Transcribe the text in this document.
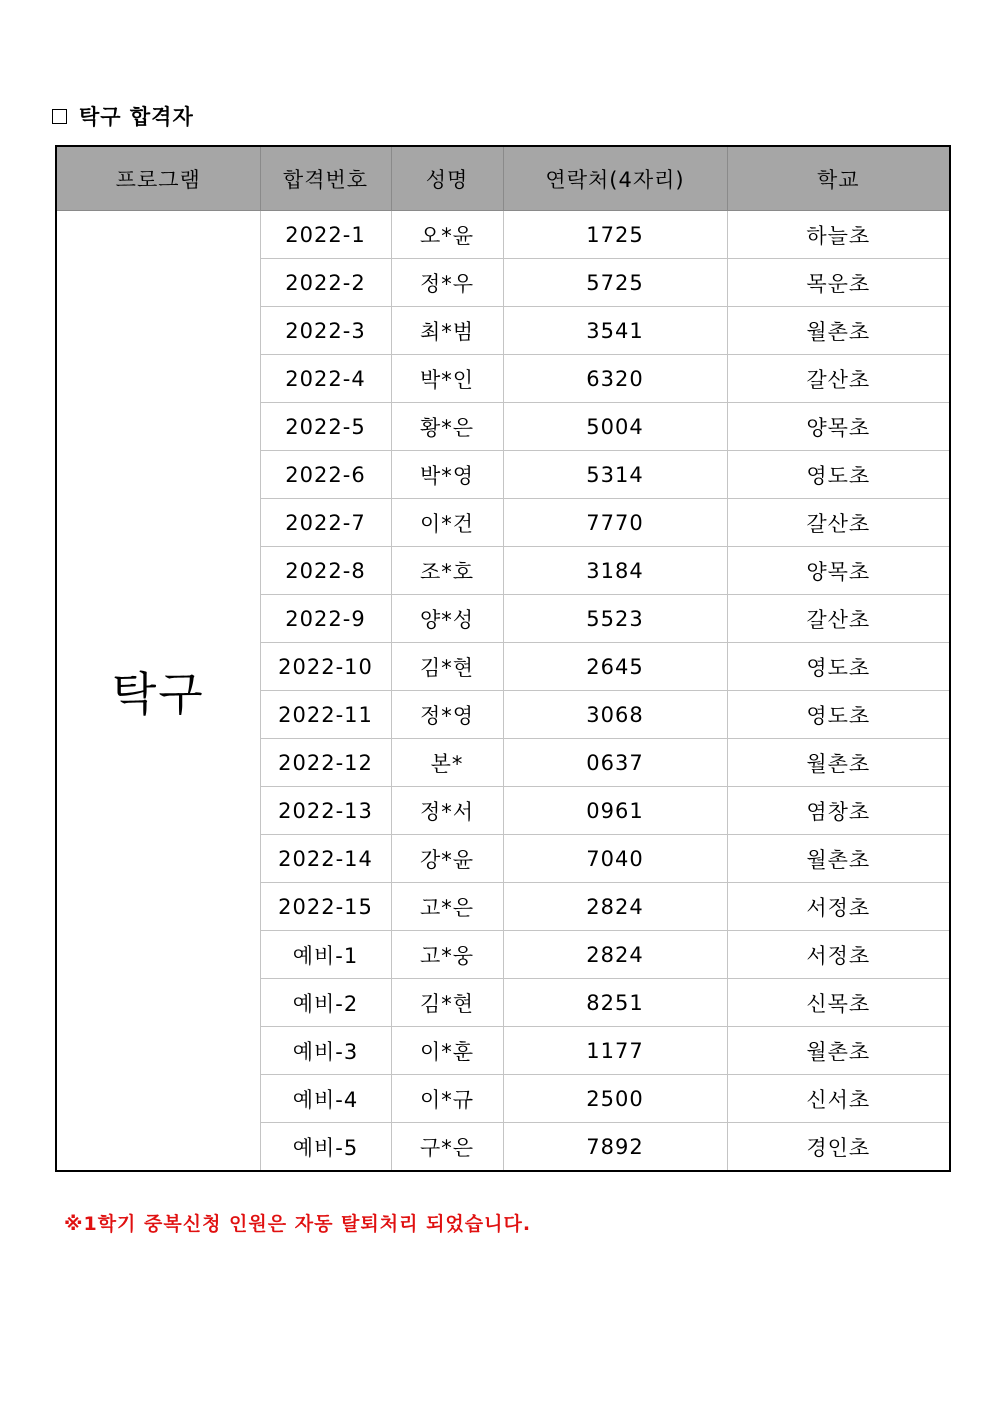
탁구 합격자
프로그램	합격번호	성명	연락처(4자리)	학교
탁구	2022-1	오*윤	1725	하늘초
	2022-2	정*우	5725	목운초
	2022-3	최*범	3541	월촌초
	2022-4	박*인	6320	갈산초
	2022-5	황*은	5004	양목초
	2022-6	박*영	5314	영도초
	2022-7	이*건	7770	갈산초
	2022-8	조*호	3184	양목초
	2022-9	양*성	5523	갈산초
	2022-10	김*현	2645	영도초
	2022-11	정*영	3068	영도초
	2022-12	본*	0637	월촌초
	2022-13	정*서	0961	염창초
	2022-14	강*윤	7040	월촌초
	2022-15	고*은	2824	서정초
	예비-1	고*웅	2824	서정초
	예비-2	김*현	8251	신목초
	예비-3	이*훈	1177	월촌초
	예비-4	이*규	2500	신서초
	예비-5	구*은	7892	경인초
※1학기 중복신청 인원은 자동 탈퇴처리 되었습니다.
